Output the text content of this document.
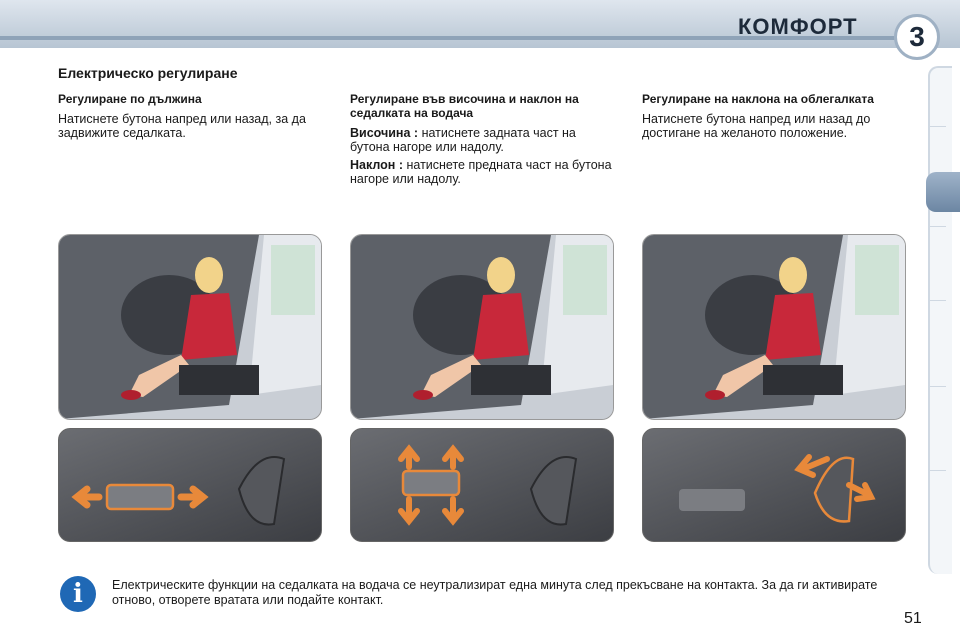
КОМФОРТ	3
Електрическо регулиране
Регулиране по дължина

Натиснете бутона напред или назад, за да задвижите седалката.

Регулиране във височина и наклон на седалката на водача

Височина : натиснете задната част на бутона нагоре или надолу.

Наклон : натиснете предната част на бутона нагоре или надолу.

Регулиране на наклона на облегалката

Натиснете бутона напред или назад до достигане на желаното положение.

i	Електрическите функции на седалката на водача се неутрализират една минута след прекъсване на контакта. За да ги активирате отново, отворете вратата или подайте контакт.
51
